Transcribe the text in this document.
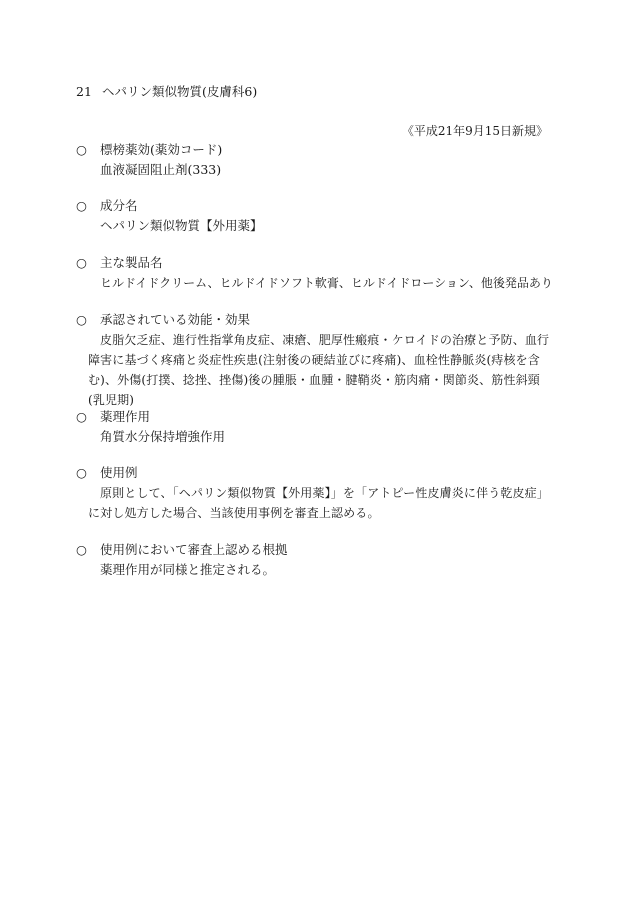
21 ヘパリン類似物質(皮膚科6)
《平成21年9月15日新規》
○ 標榜薬効(薬効コード)
血液凝固阻止剤(333)
○ 成分名
ヘパリン類似物質【外用薬】
○ 主な製品名
ヒルドイドクリーム、ヒルドイドソフト軟膏、ヒルドイドローション、他後発品あり
○ 承認されている効能・効果
皮脂欠乏症、進行性指掌角皮症、凍瘡、肥厚性瘢痕・ケロイドの治療と予防、血行障害に基づく疼痛と炎症性疾患(注射後の硬結並びに疼痛)、血栓性静脈炎(痔核を含む)、外傷(打撲、捻挫、挫傷)後の腫脹・血腫・腱鞘炎・筋肉痛・関節炎、筋性斜頸(乳児期)
○ 薬理作用
角質水分保持増強作用
○ 使用例
原則として、「ヘパリン類似物質【外用薬】」を「アトピー性皮膚炎に伴う乾皮症」に対し処方した場合、当該使用事例を審査上認める。
○ 使用例において審査上認める根拠
薬理作用が同様と推定される。
